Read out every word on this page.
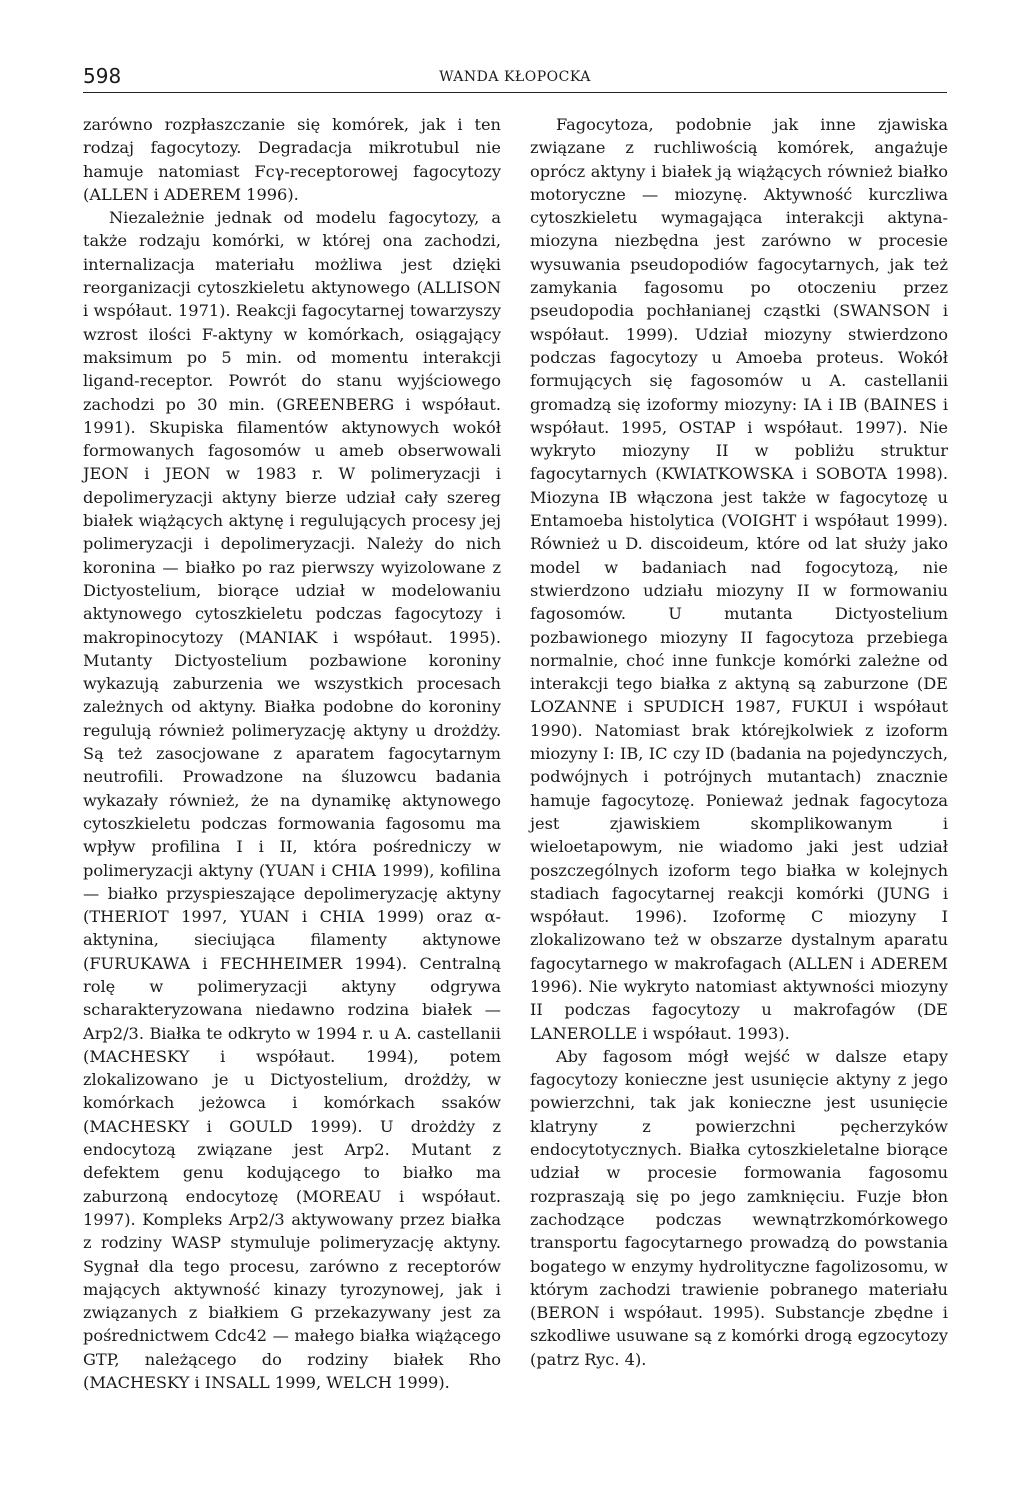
598	WANDA KŁOPOCKA

zarówno rozpłaszczanie się komórek, jak i ten rodzaj fagocytozy. Degradacja mikrotubul nie hamuje natomiast Fcγ-receptorowej fagocytozy (ALLEN i ADEREM 1996).

Niezależnie jednak od modelu fagocytozy, a także rodzaju komórki, w której ona zachodzi, internalizacja materiału możliwa jest dzięki reorganizacji cytoszkieletu aktynowego (ALLISON i współaut. 1971). Reakcji fagocytarnej towarzyszy wzrost ilości F-aktyny w komórkach, osiągający maksimum po 5 min. od momentu interakcji ligand-receptor. Powrót do stanu wyjściowego zachodzi po 30 min. (GREENBERG i współaut. 1991). Skupiska filamentów aktynowych wokół formowanych fagosomów u ameb obserwowali JEON i JEON w 1983 r. W polimeryzacji i depolimeryzacji aktyny bierze udział cały szereg białek wiążących aktynę i regulujących procesy jej polimeryzacji i depolimeryzacji. Należy do nich koronina — białko po raz pierwszy wyizolowane z Dictyostelium, biorące udział w modelowaniu aktynowego cytoszkieletu podczas fagocytozy i makropinocytozy (MANIAK i współaut. 1995). Mutanty Dictyostelium pozbawione koroniny wykazują zaburzenia we wszystkich procesach zależnych od aktyny. Białka podobne do koroniny regulują również polimeryzację aktyny u drożdży. Są też zasocjowane z aparatem fagocytarnym neutrofili. Prowadzone na śluzowcu badania wykazały również, że na dynamikę aktynowego cytoszkieletu podczas formowania fagosomu ma wpływ profilina I i II, która pośredniczy w polimeryzacji aktyny (YUAN i CHIA 1999), kofilina — białko przyspieszające depolimeryzację aktyny (THERIOT 1997, YUAN i CHIA 1999) oraz α-aktynina, sieciująca filamenty aktynowe (FURUKAWA i FECHHEIMER 1994). Centralną rolę w polimeryzacji aktyny odgrywa scharakteryzowana niedawno rodzina białek — Arp2/3. Białka te odkryto w 1994 r. u A. castellanii (MACHESKY i współaut. 1994), potem zlokalizowano je u Dictyostelium, drożdży, w komórkach jeżowca i komórkach ssaków (MACHESKY i GOULD 1999). U drożdży z endocytozą związane jest Arp2. Mutant z defektem genu kodującego to białko ma zaburzoną endocytozę (MOREAU i współaut. 1997). Kompleks Arp2/3 aktywowany przez białka z rodziny WASP stymuluje polimeryzację aktyny. Sygnał dla tego procesu, zarówno z receptorów mających aktywność kinazy tyrozynowej, jak i związanych z białkiem G przekazywany jest za pośrednictwem Cdc42 — małego białka wiążącego GTP, należącego do rodziny białek Rho (MACHESKY i INSALL 1999, WELCH 1999).

Fagocytoza, podobnie jak inne zjawiska związane z ruchliwością komórek, angażuje oprócz aktyny i białek ją wiążących również białko motoryczne — miozynę. Aktywność kurczliwa cytoszkieletu wymagająca interakcji aktyna-miozyna niezbędna jest zarówno w procesie wysuwania pseudopodiów fagocytarnych, jak też zamykania fagosomu po otoczeniu przez pseudopodia pochłanianej cząstki (SWANSON i współaut. 1999). Udział miozyny stwierdzono podczas fagocytozy u Amoeba proteus. Wokół formujących się fagosomów u A. castellanii gromadzą się izoformy miozyny: IA i IB (BAINES i współaut. 1995, OSTAP i współaut. 1997). Nie wykryto miozyny II w pobliżu struktur fagocytarnych (KWIATKOWSKA i SOBOTA 1998). Miozyna IB włączona jest także w fagocytozę u Entamoeba histolytica (VOIGHT i współaut 1999). Również u D. discoideum, które od lat służy jako model w badaniach nad fogocytozą, nie stwierdzono udziału miozyny II w formowaniu fagosomów. U mutanta Dictyostelium pozbawionego miozyny II fagocytoza przebiega normalnie, choć inne funkcje komórki zależne od interakcji tego białka z aktyną są zaburzone (DE LOZANNE i SPUDICH 1987, FUKUI i współaut 1990). Natomiast brak którejkolwiek z izoform miozyny I: IB, IC czy ID (badania na pojedynczych, podwójnych i potrójnych mutantach) znacznie hamuje fagocytozę. Ponieważ jednak fagocytoza jest zjawiskiem skomplikowanym i wieloetapowym, nie wiadomo jaki jest udział poszczególnych izoform tego białka w kolejnych stadiach fagocytarnej reakcji komórki (JUNG i współaut. 1996). Izoformę C miozyny I zlokalizowano też w obszarze dystalnym aparatu fagocytarnego w makrofagach (ALLEN i ADEREM 1996). Nie wykryto natomiast aktywności miozyny II podczas fagocytozy u makrofagów (DE LANEROLLE i współaut. 1993).

Aby fagosom mógł wejść w dalsze etapy fagocytozy konieczne jest usunięcie aktyny z jego powierzchni, tak jak konieczne jest usunięcie klatryny z powierzchni pęcherzyków endocytotycznych. Białka cytoszkieletalne biorące udział w procesie formowania fagosomu rozpraszają się po jego zamknięciu. Fuzje błon zachodzące podczas wewnątrzkomórkowego transportu fagocytarnego prowadzą do powstania bogatego w enzymy hydrolityczne fagolizosomu, w którym zachodzi trawienie pobranego materiału (BERON i współaut. 1995). Substancje zbędne i szkodliwe usuwane są z komórki drogą egzocytozy (patrz Ryc. 4).
